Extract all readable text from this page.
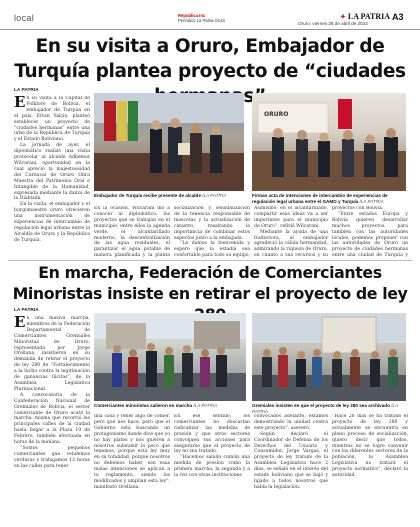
local	Republica Inc
Periódico La Patria Oruro
Oruro, viernes 28 de abril de 2023
✦ LA PATRIA A3
En su visita a Oruro, Embajador de Turquía plantea proyecto de “ciudades
LA PATRIA

En su visita a la Capital de Folklore de Bolivia, el embajador de Turquía en el país, Ertan Yalçin, planteó establecer un proyecto de “ciudades hermanas” entre una urbe de la República de Turquía y el Estado Boliviano.

La jornada de ayer, el diplomático realizó una visita protocolar al alcalde Adhemar Wilcarani, oportunidad en la cual apreció la majestuosidad del Carnaval de Oruro Obra Maestra del Patrimonio Oral e Intangible de la Humanidad, expresada mediante la danza de la Diablada.

En la visita, el embajador y el burgomaestre oruro ofrecieron una instrumentación de experiencias de intercambio de regulación legal urbana entre la Alcaldía de Oruro y la República de Turquía.

Embajador de Turquía recibe presente de alcalde /LA PATRIA
ORURO
Firman acta de intenciones de intercambio de experiencias de regulación legal urbana entre el GAMO y Turquía /LA PATRIA

En la ocasión, Wilcarani dio a conocer al diplomático, los proyectos que se trabajan en el municipio, entre ellos la agenda verde, el alcantarillado moderno, la descentralización de las agua residuales, el garantizar el agua potable de manera planificada y la planta

socialización y sensibilización de la tenencia responsable de mascotas y la actualización de catastro, resaltando la importancia de combinar estos aspectos junto a la embajada.

“Le damos la bienvenida y espero que la estadía sea confortable para todo su equipo,

Asimismo, en el alcantarillado, compartir esas ideas va a ser importante para el municipio de Oruro”, refirió Wilcarani.

Mediante la ayuda de una traductora, el embajador agradeció la cálida hermandad, admirando la riqueza de Oruro, en cuanto a sus recursos y su

proyectos con Bolivia.

“Entre estados Europa y Bolivia quieren desarrollar muchos proyectos, para también con las autoridades locales, podemos proponer con las autoridades de Oruro un proyecto de ciudades hermanas entre una ciudad de Turquía y

En marcha, Federación de Comerciantes Minoristas insiste en retirar el proyecto de ley
LA PATRIA

En una masiva marcha, miembros de la Federación Departamental de Comerciantes Gremiales Minoristas de Oruro, representada por Jorge Orellana, insistieron en su demanda de retirar el proyecto de ley 280 de “Fortalecimiento a la lucha contra la legitimación de ganancias ilícitas”, de la Asamblea Legislativa Plurinacional.

A convocatoria de la Confederación Nacional de Gremiales de Bolivia, el sector comerciante de Oruro acató la marcha, misma que recorrió las principales calles de la ciudad hasta llegar a la Plaza 10 de Febrero, también efectuada en horas de la mañana.

“Somos pequeños comerciantes que vendemos verduras y trabajamos 12 horas en las calles para tener

Comerciantes minoristas salieron en marcha /LA PATRIA	Gremiales insisten en que el proyecto de ley 280 sea archivado /LA PATRIA

una casa y tener algo de comer, pero qué nos hace, pero que el Gobierno está buscando un protagonismo donde dice que yo no hay platos y nos quieren a nosotros subsumir lo poco que tenemos, porque está ley muy en su totalidad, porque nosotros no debemos haber, son esas malas intenciones se aplican a tu reglamento, siendo los modificados y amplian esta ley”, manifestó Orellana.

En ese sentido, los comerciantes no descartan radicalizar las medidas de presión y que otros sectores convoquen sus acciones para asegurarse que el proyecto de ley no sea tratado.

“Hacemos saludo común una medida de presión como la primera marcha, la segunda y a la vez con otras instituciones

convocados adelante, estamos demostrando la unidad contra este proyecto”, aseveró.

Según declaró el Coordinador de Defensa de los Derechos del Usuario y Consumidor, Jorge Vargas, el proyecto de ley tratado de la Asamblea Legislativa hace 2 días, se señaló en el interés del estado boliviano que se bajó y ligado a todos nosotros que habla la legislación.

“Hace 20 días se ha tratado el proyecto de ley 280 y actualmente se encuentra en pleno proceso de socialización, quiero decir que todos, mientras no se logre convenir con los diferentes sectores de la población, la Asamblea Legislativa no tratará el proyecto normativo”, declaró la autoridad.
